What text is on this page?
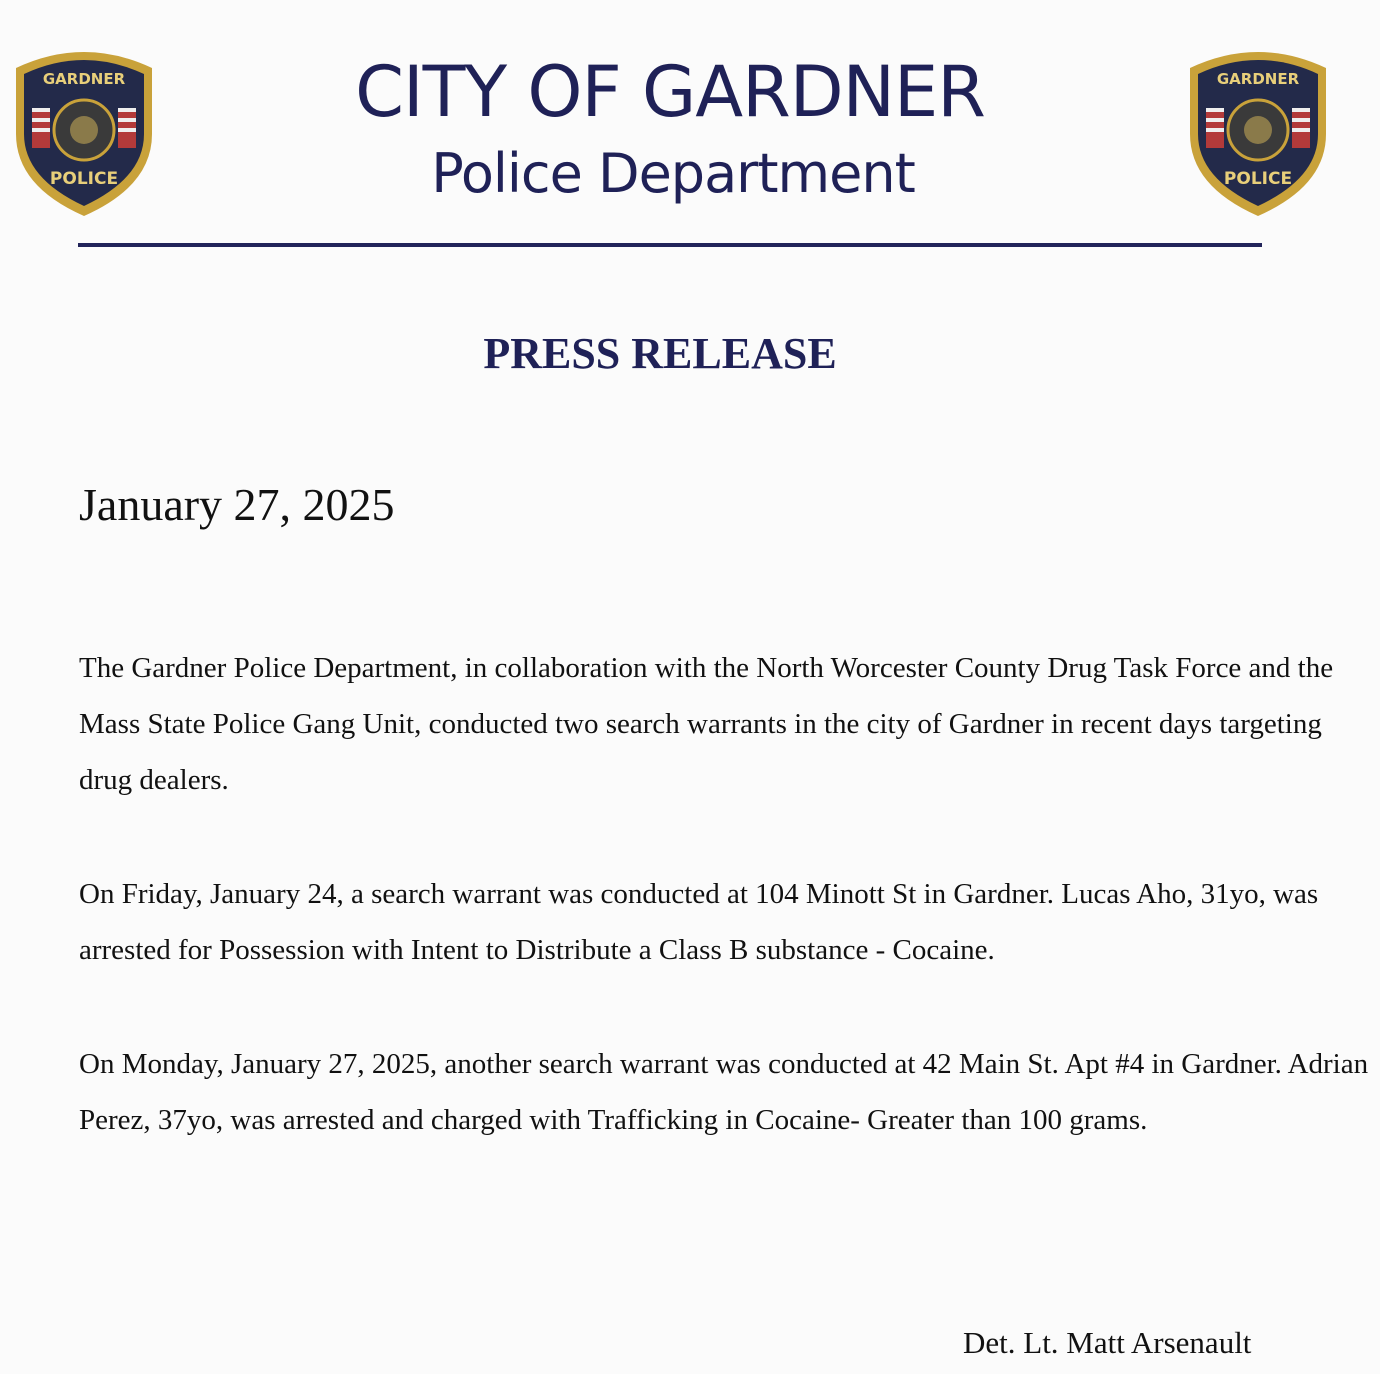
GARDNER
POLICE
GARDNER
POLICE
CITY OF GARDNER
Police Department
PRESS RELEASE
January 27, 2025

The Gardner Police Department, in collaboration with the North Worcester County Drug Task Force and the Mass State Police Gang Unit, conducted two search warrants in the city of Gardner in recent days targeting drug dealers.

On Friday, January 24, a search warrant was conducted at 104 Minott St in Gardner. Lucas Aho, 31yo, was arrested for Possession with Intent to Distribute a Class B substance - Cocaine.

On Monday, January 27, 2025, another search warrant was conducted at 42 Main St. Apt #4 in Gardner. Adrian Perez, 37yo, was arrested and charged with Trafficking in Cocaine- Greater than 100 grams.

Det. Lt. Matt Arsenault
